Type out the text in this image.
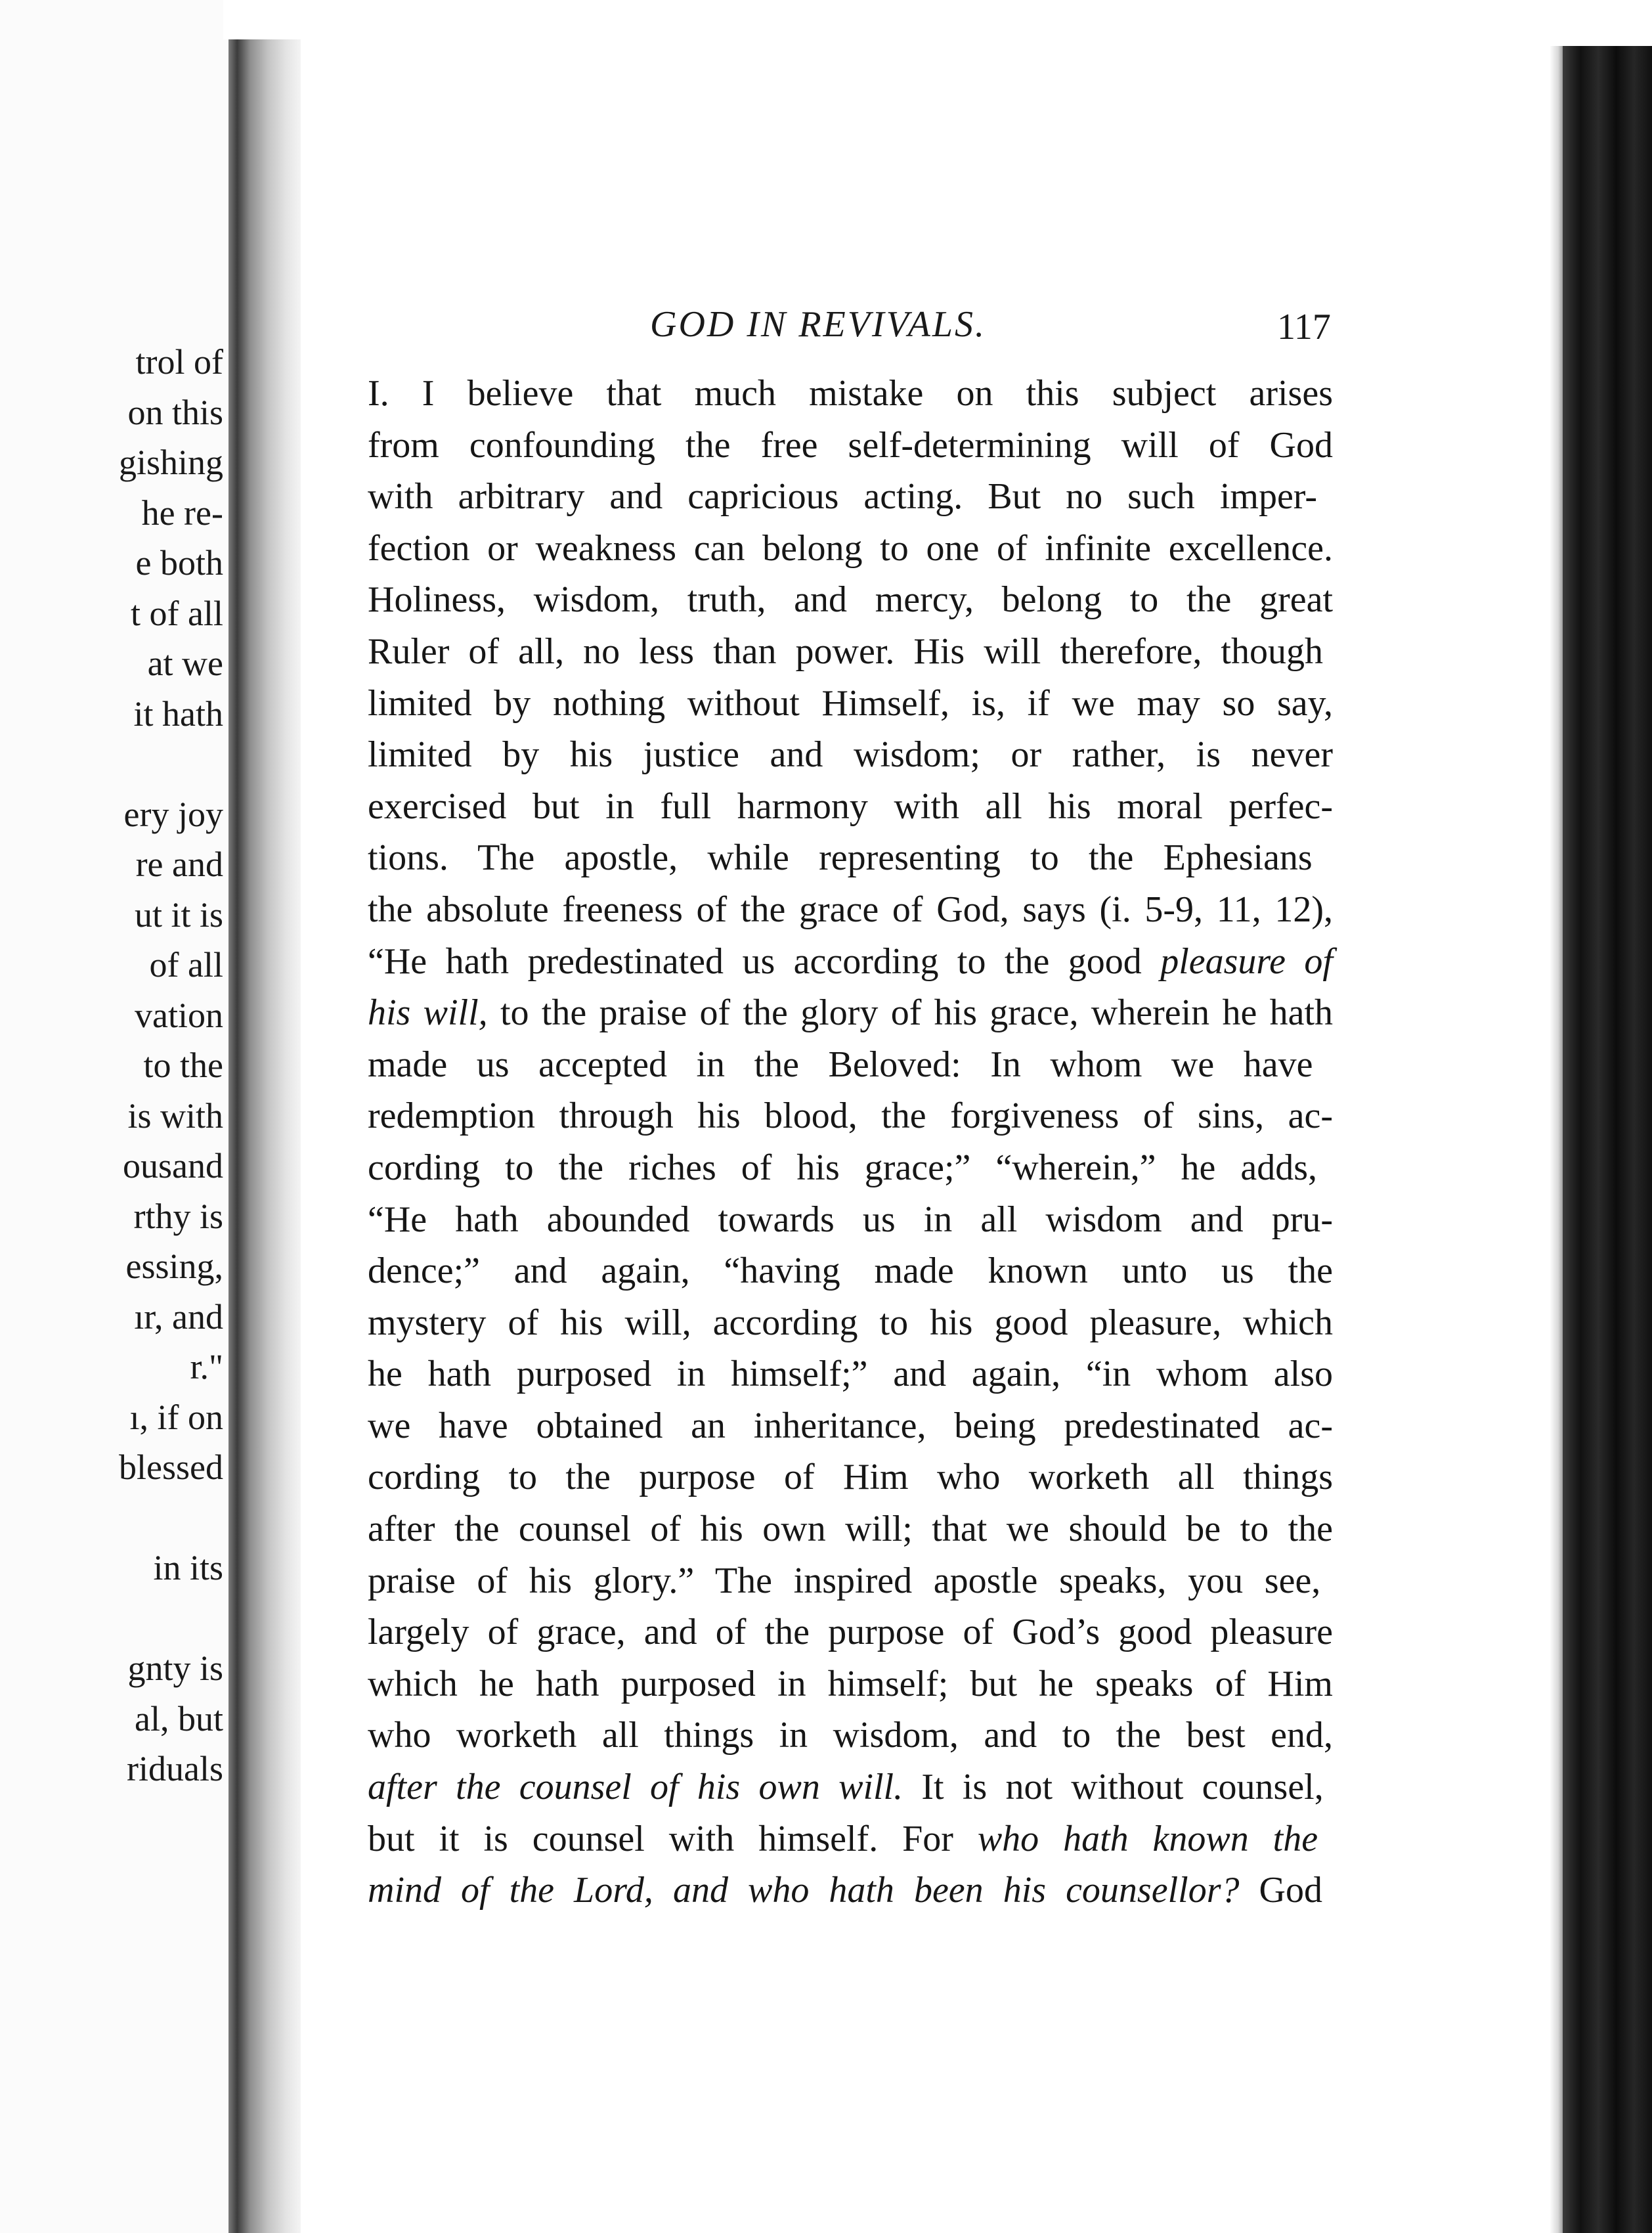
trol of
on this
gishing
he re-
e both
t of all
at we
it hath
ery joy
re and
ut it is
of all
vation
to the
is with
ousand
rthy is
essing,
ır, and
r."
ı, if on
blessed
in its
gnty is
al, but
riduals
GOD IN REVIVALS.	117
I. I believe that much mistake on this subject arises
from confounding the free self-determining will of God
with arbitrary and capricious acting. But no such imper-
fection or weakness can belong to one of infinite excellence.
Holiness, wisdom, truth, and mercy, belong to the great
Ruler of all, no less than power. His will therefore, though
limited by nothing without Himself, is, if we may so say,
limited by his justice and wisdom; or rather, is never
exercised but in full harmony with all his moral perfec-
tions. The apostle, while representing to the Ephesians
the absolute freeness of the grace of God, says (i. 5-9, 11, 12),
“He hath predestinated us according to the good pleasure of
his will, to the praise of the glory of his grace, wherein he hath
made us accepted in the Beloved: In whom we have
redemption through his blood, the forgiveness of sins, ac-
cording to the riches of his grace;” “wherein,” he adds,
“He hath abounded towards us in all wisdom and pru-
dence;” and again, “having made known unto us the
mystery of his will, according to his good pleasure, which
he hath purposed in himself;” and again, “in whom also
we have obtained an inheritance, being predestinated ac-
cording to the purpose of Him who worketh all things
after the counsel of his own will; that we should be to the
praise of his glory.” The inspired apostle speaks, you see,
largely of grace, and of the purpose of God’s good pleasure
which he hath purposed in himself; but he speaks of Him
who worketh all things in wisdom, and to the best end,
after the counsel of his own will. It is not without counsel,
but it is counsel with himself. For who hath known the
mind of the Lord, and who hath been his counsellor? God
